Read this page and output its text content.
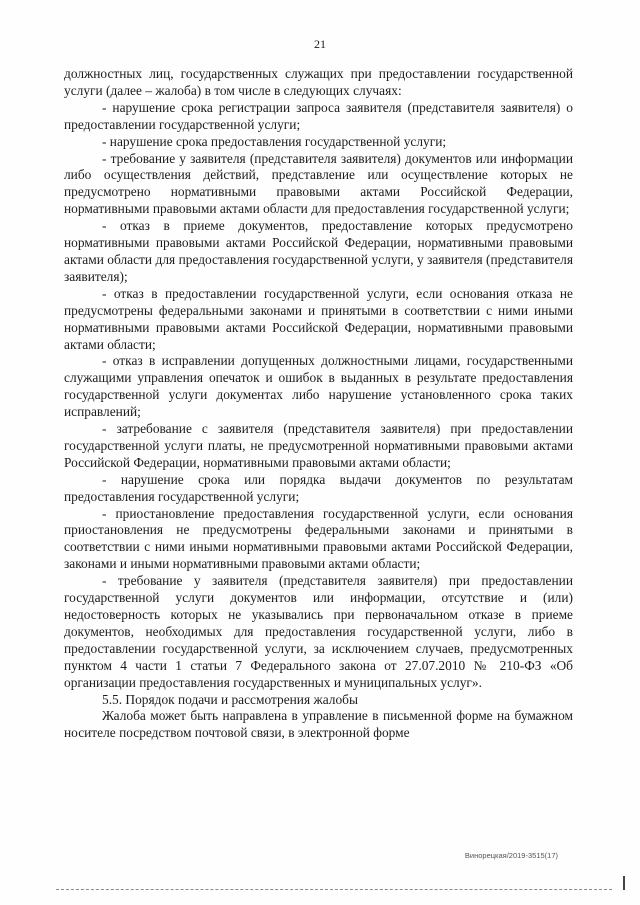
21

должностных лиц, государственных служащих при предоставлении государственной услуги (далее – жалоба) в том числе в следующих случаях:

- нарушение срока регистрации запроса заявителя (представителя заявителя) о предоставлении государственной услуги;

- нарушение срока предоставления государственной услуги;

- требование у заявителя (представителя заявителя) документов или информации либо осуществления действий, представление или осуществление которых не предусмотрено нормативными правовыми актами Российской Федерации, нормативными правовыми актами области для предоставления государственной услуги;

- отказ в приеме документов, предоставление которых предусмотрено нормативными правовыми актами Российской Федерации, нормативными правовыми актами области для предоставления государственной услуги, у заявителя (представителя заявителя);

- отказ в предоставлении государственной услуги, если основания отказа не предусмотрены федеральными законами и принятыми в соответствии с ними иными нормативными правовыми актами Российской Федерации, нормативными правовыми актами области;

- отказ в исправлении допущенных должностными лицами, государственными служащими управления опечаток и ошибок в выданных в результате предоставления государственной услуги документах либо нарушение установленного срока таких исправлений;

- затребование с заявителя (представителя заявителя) при предоставлении государственной услуги платы, не предусмотренной нормативными правовыми актами Российской Федерации, нормативными правовыми актами области;

- нарушение срока или порядка выдачи документов по результатам предоставления государственной услуги;

- приостановление предоставления государственной услуги, если основания приостановления не предусмотрены федеральными законами и принятыми в соответствии с ними иными нормативными правовыми актами Российской Федерации, законами и иными нормативными правовыми актами области;

- требование у заявителя (представителя заявителя) при предоставлении государственной услуги документов или информации, отсутствие и (или) недостоверность которых не указывались при первоначальном отказе в приеме документов, необходимых для предоставления государственной услуги, либо в предоставлении государственной услуги, за исключением случаев, предусмотренных пунктом 4 части 1 статьи 7 Федерального закона от 27.07.2010 № 210-ФЗ «Об организации предоставления государственных и муниципальных услуг».

5.5. Порядок подачи и рассмотрения жалобы

Жалоба может быть направлена в управление в письменной форме на бумажном носителе посредством почтовой связи, в электронной форме

Винорецкая/2019-3515(17)
